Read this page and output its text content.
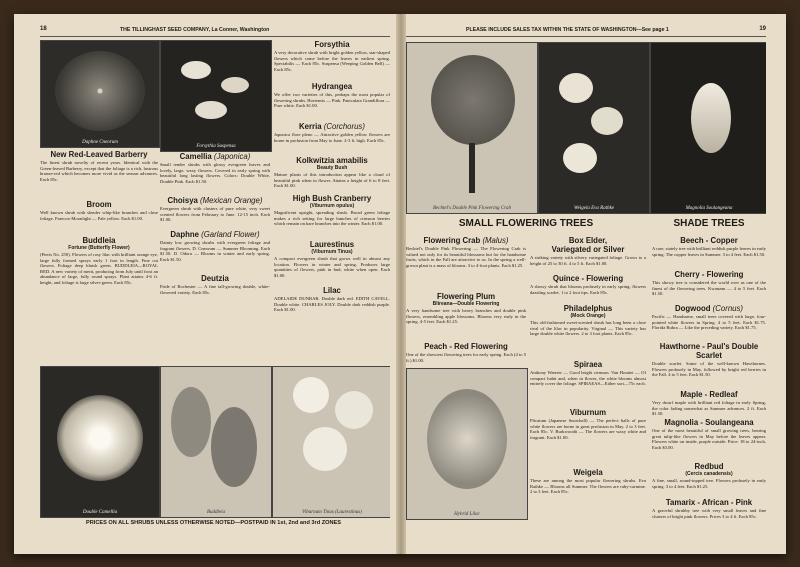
18	THE TILLINGHAST SEED COMPANY, La Conner, Washington
Daphne Cneorum
New Red-Leaved Barberry

The finest shrub novelty of recent years. Identical with the Green-leaved Barberry, except that the foliage is a rich, lustrous bronze-red which becomes more vivid as the season advances. Each 85c.

Broom

Well known shrub with slender whip-like branches and close foliage. Praecox-Moonlight — Pale yellow. Each $1.00.

Buddleia
Fortune (Butterfly Flower)

(Pieris No. 250). Flowers of rosy lilac with brilliant orange eye, large fully formed sprays early 1 foot in length. Fine cut flowers. Foliage deep bluish green. BUDDLEIA—ROYAL RED. A new variety of merit, producing from July until frost an abundance of large, fully round sprays. Plant attains 4-6 ft. height, and foliage is large silver-green. Each 85c.

Forsythia Suspensa
Camellia (Japonica)

Small tender shrubs with glossy evergreen leaves and lovely, large, waxy flowers. Covered in early spring with beautiful long lasting flowers. Colors: Double White, Double Pink. Each $1.50.

Choisya (Mexican Orange)

Evergreen shrub with clusters of pure white, very sweet scented flowers from February to June. 12-15 inch. Each $1.00.

Daphne (Garland Flower)

Dainty low growing shrubs with evergreen foliage and fragrant flowers. D. Cneorum — Summer Blooming. Each $1.50. D. Odora — Blooms in winter and early spring. Each $1.50.

Deutzia

Pride of Rochester — A fine tall-growing double, white-flowered variety. Each 85c.

Forsythia

A very decorative shrub with bright golden yellow, star-shaped flowers which come before the leaves in earliest spring. Spectabilis — Each 85c. Suspensa (Weeping Golden Bell) — Each 85c.

Hydrangea

We offer two varieties of this, perhaps the most popular of flowering shrubs. Hortensis — Pink. Paniculata Grandiflora — Pure white. Each $1.00.

Kerria (Corchorus)

Japonica flore pleno — Attractive golden yellow flowers are borne in profusion from May to June. 2-3 ft. high. Each 85c.

Kolkwitzia amabilis
Beauty Bush

Mature plants of this introduction appear like a cloud of beautiful pink when in flower. Attains a height of 6 to 8 feet. Each $1.00.

High Bush Cranberry
(Viburnum opulus)

Magnificent upright, spreading shrub. Broad green foliage makes a rich setting for large bunches of crimson berries which remain on bare branches into the winter. Each $1.00.

Laurestinus
(Viburnum Tinus)

A compact evergreen shrub that grows well in almost any location. Flowers in winter and spring. Produces large quantities of flowers, pink in bud, white when open. Each $1.00.

Lilac

ADELAIDE DUNBAR. Double dark red. EDITH CAVELL. Double white. CHARLES JOLY. Double dark reddish purple. Each $1.00.

Double Camellia	Buddleia	Viburnum Tinus (Laurestinus)
PRICES ON ALL SHRUBS UNLESS OTHERWISE NOTED—POSTPAID IN 1st, 2nd and 3rd ZONES
PLEASE INCLUDE SALES TAX WITHIN THE STATE OF WASHINGTON—See page 1	19
Bechtel's Double Pink Flowering Crab	Weigela Eva Rathke	Magnolia Soulangeana
SMALL FLOWERING TREES
Flowering Crab (Malus)

Bechtel's Double Pink Flowering — The Flowering Crab is valued not only for its beautiful blossoms but for the handsome fruits, which in the Fall are attractive to us. In the spring a well-grown plant is a mass of blooms. 3 to 4-foot plants. Each $1.25.

Flowering Plum
Blireana—Double Flowering

A very handsome tree with heavy branches and double pink flowers, resembling apple blossoms. Blooms very early in the spring. 4-5 feet. Each $1.25.

Peach - Red Flowering

One of the showiest flowering trees for early spring. Each (4 to 5 ft.) $1.00.

Hybrid Lilac
Box Elder,
Variegated or Silver

A striking variety with silvery variegated foliage. Grows to a height of 25 to 30 ft. 4 to 5 ft. Each $1.00.

Quince - Flowering

A showy shrub that blooms profusely in early spring; flowers dazzling scarlet. 1 to 2 foot tips. Each 85c.

Philadelphus
(Mock Orange)

This old-fashioned sweet-scented shrub has long been a close rival of the lilac in popularity. Virginal — This variety has large double white flowers. 2 to 3 foot plants. Each 85c.

Spiraea

Anthony Waterer — Good bright crimson. Van Houttei — Of compact habit and, when in flower, the white blooms almost entirely cover the foliage. SPIRAEAS—Either sort—75c each.

Viburnum

Plicatum (Japanese Snowball) — The perfect balls of pure white flowers are borne in great profusion in May. 2 to 3 feet. Each 85c. V. Burkwoodii — The flowers are waxy white and fragrant. Each $1.00.

Weigela

These are among the most popular flowering shrubs. Eva Rathke — Blooms all Summer. The flowers are ruby-carmine. 2 to 3 feet. Each 85c.

SHADE TREES
Beech - Copper

A rare, stately tree with brilliant reddish purple leaves in early spring. The copper leaves in Summer. 3 to 4 feet. Each $1.50.

Cherry - Flowering

This showy tree is considered the world over as one of the finest of the flowering trees. Kwanzan — 4 to 5 feet. Each $1.50.

Dogwood (Cornus)

Pacific — Handsome, small trees covered with large, four-pointed white flowers in Spring. 4 to 5 feet. Each $1.75. Florida Rubra — Like the preceding variety. Each $1.75.

Hawthorne - Paul's Double
Scarlet

Double scarlet. Some of the well-known Hawthornes. Flowers profusely in May, followed by bright red berries in the Fall. 4 to 5 feet. Each $1.50.

Maple - Redleaf

Very dwarf maple with brilliant red foliage in early Spring, the color fading somewhat as Summer advances. 2 ft. Each $1.50.

Magnolia - Soulangeana

One of the most beautiful of small growing trees, bearing great tulip-like flowers in May before the leaves appear. Flowers white on inside, purple outside. Price: 18 to 24-inch, Each $3.00.

Redbud
(Cercis canadensis)

A fine, small, round-topped tree. Flowers profusely in early spring. 3 to 4 feet. Each $1.25.

Tamarix - African - Pink

A graceful shrubby tree with very small leaves and fine clusters of bright pink flowers. Prices 3 to 4 ft. Each 85c.
